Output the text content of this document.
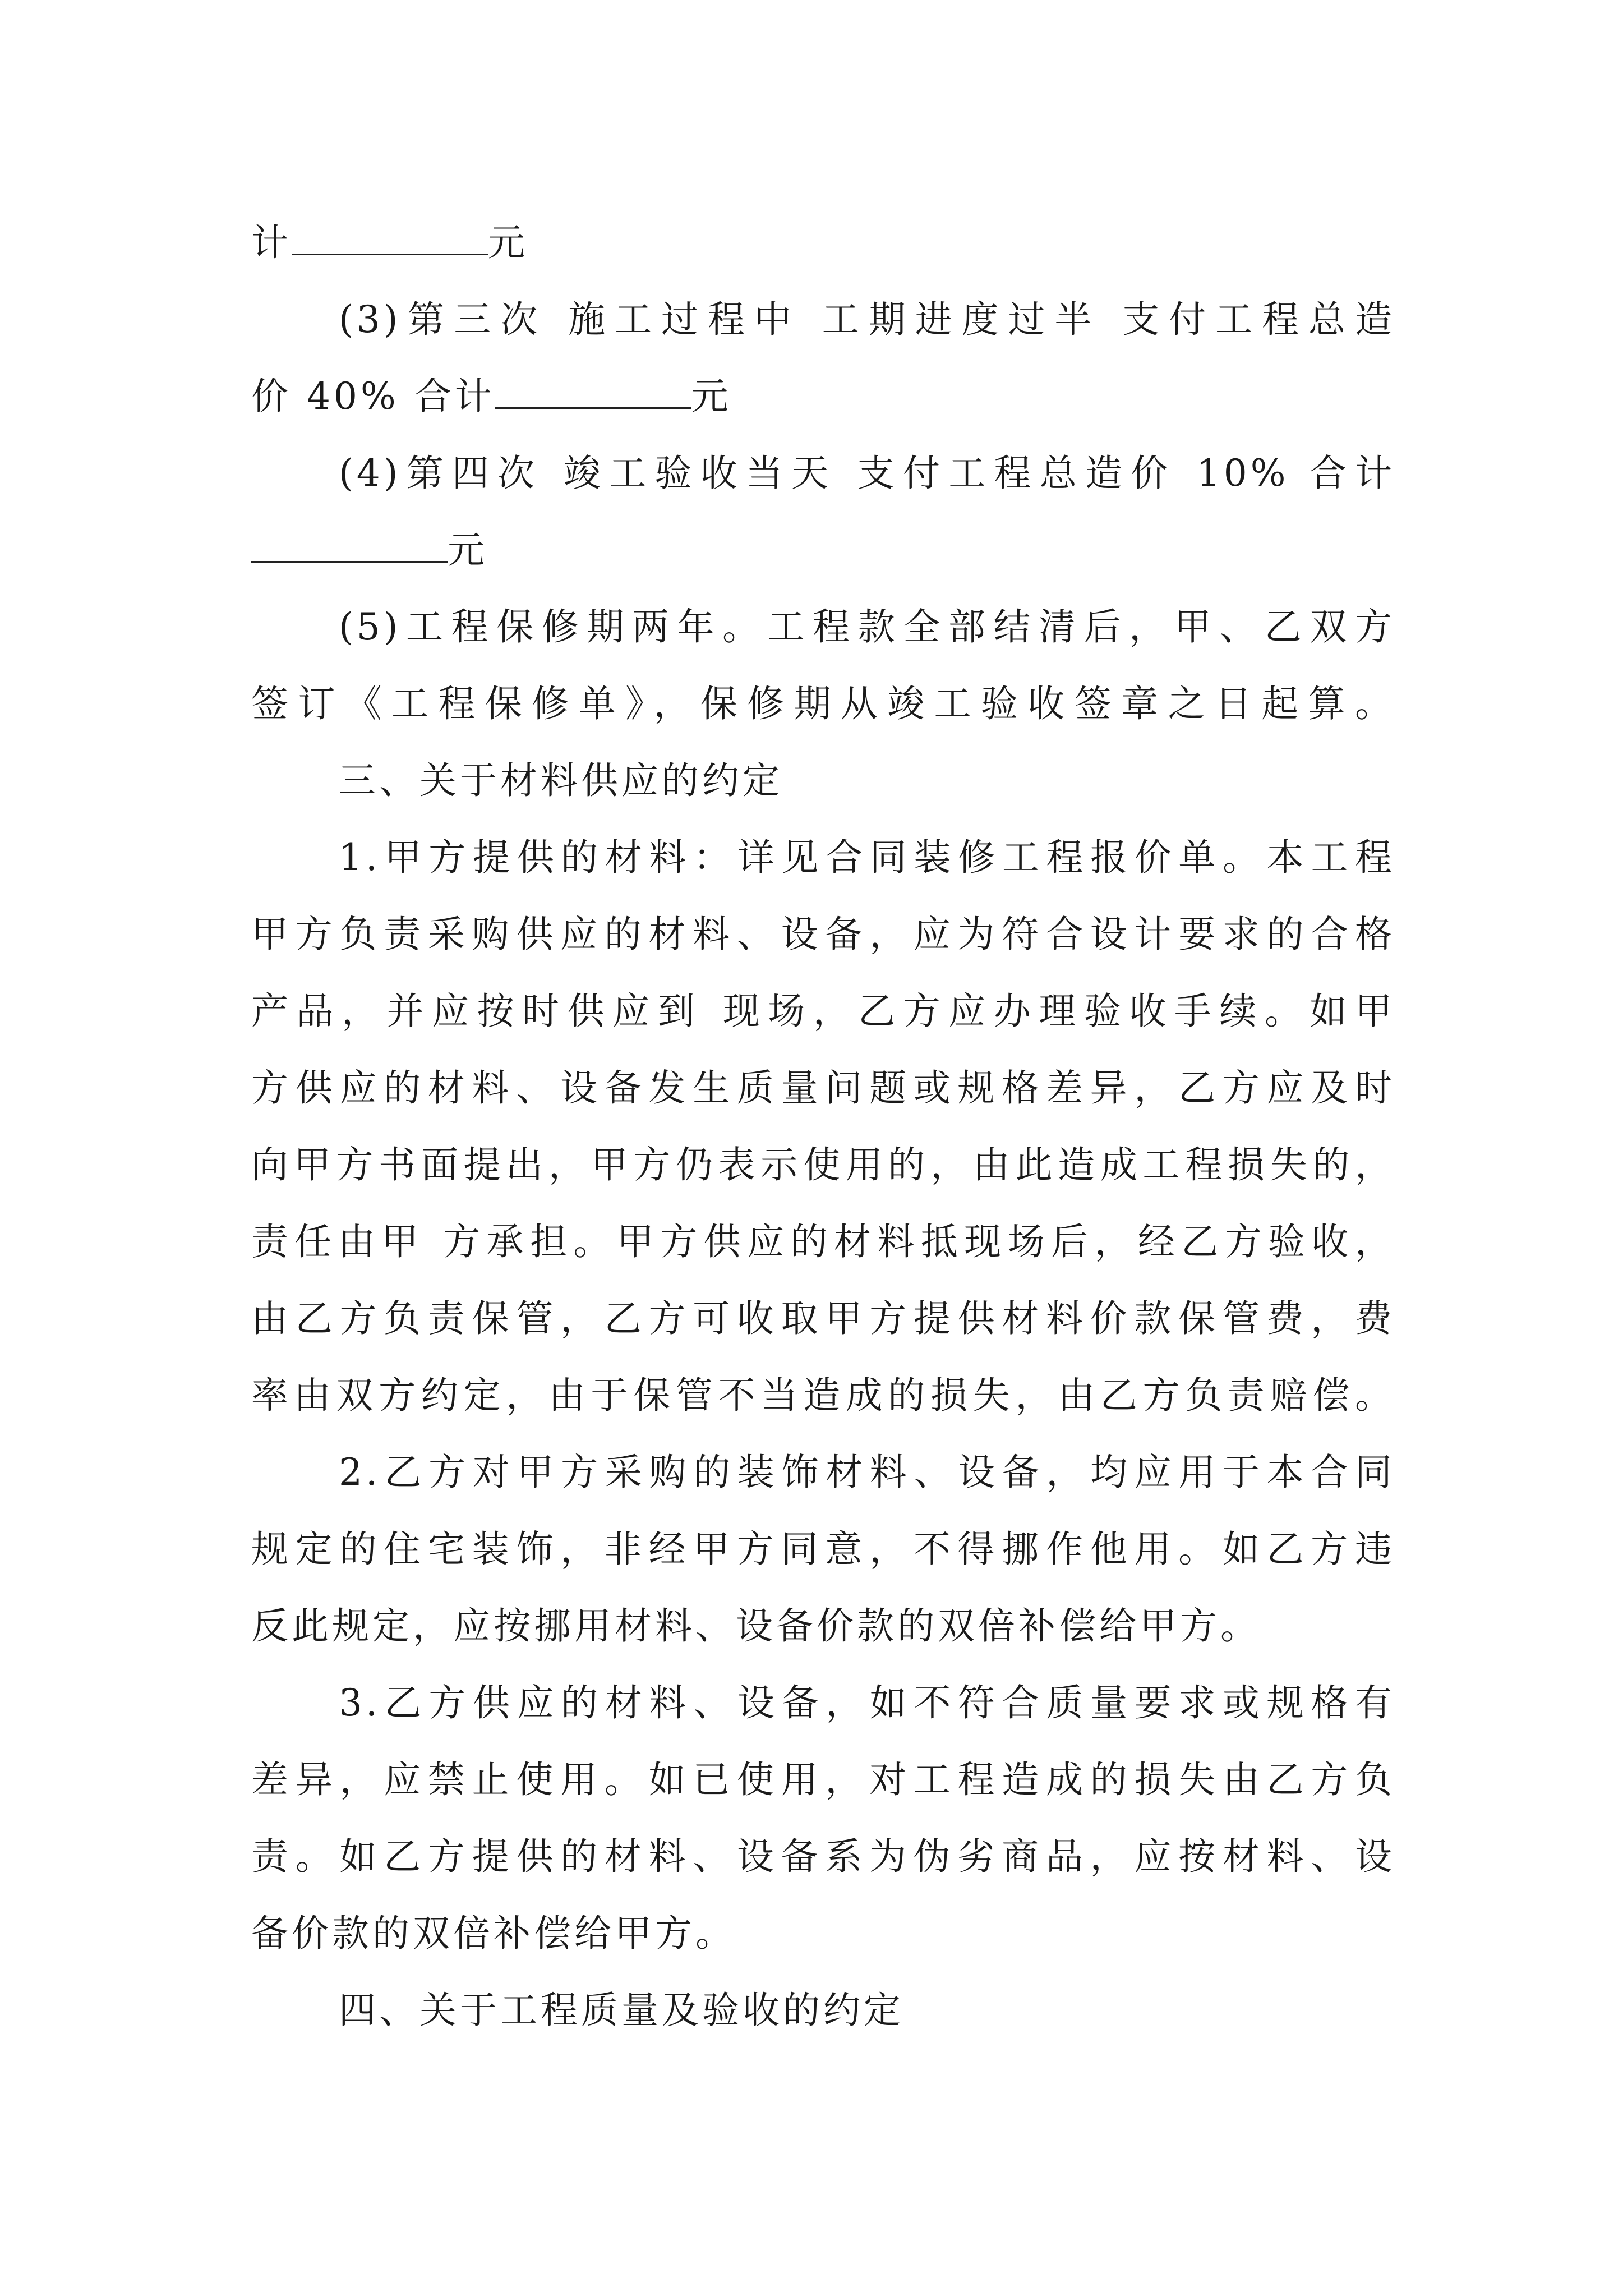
计	元
(3)第三次 施工过程中 工期进度过半 支付工程总造
价 40% 合计	元
(4)第四次 竣工验收当天 支付工程总造价 10% 合计
元
(5)工程保修期两年。工程款全部结清后，甲、乙双方
签订《工程保修单》，保修期从竣工验收签章之日起算。
三、关于材料供应的约定
1.甲方提供的材料：详见合同装修工程报价单。本工程
甲方负责采购供应的材料、设备，应为符合设计要求的合格
产品，并应按时供应到 现场，乙方应办理验收手续。如甲
方供应的材料、设备发生质量问题或规格差异，乙方应及时
向甲方书面提出，甲方仍表示使用的，由此造成工程损失的，
责任由甲 方承担。甲方供应的材料抵现场后，经乙方验收，
由乙方负责保管，乙方可收取甲方提供材料价款保管费，费
率由双方约定，由于保管不当造成的损失，由乙方负责赔偿。
2.乙方对甲方采购的装饰材料、设备，均应用于本合同
规定的住宅装饰，非经甲方同意，不得挪作他用。如乙方违
反此规定，应按挪用材料、设备价款的双倍补偿给甲方。
3.乙方供应的材料、设备，如不符合质量要求或规格有
差异，应禁止使用。如已使用，对工程造成的损失由乙方负
责。如乙方提供的材料、设备系为伪劣商品，应按材料、设
备价款的双倍补偿给甲方。
四、关于工程质量及验收的约定
